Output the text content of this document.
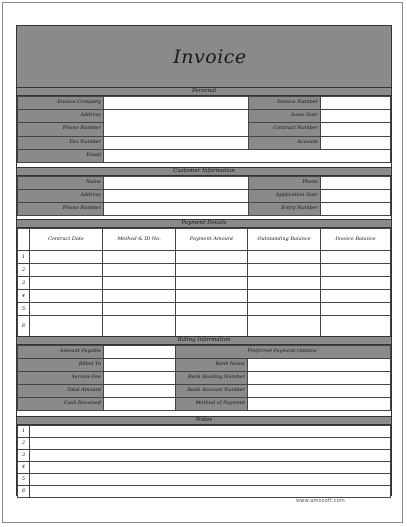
Invoice
Personal
Invoice Company	Invoice Number
Address	Issue Date
Phone Number	Contract Number
Fax Number	Account
Email
Customer Information
Name	Phone
Address	Application Date
Phone Number	Entry Number
Payment Details
Contract Date	Method & ID No.	Payment Amount	Outstanding Balance	Invoice Balance
1
2
3
4
5
6
Billing Information
Amount Payable	Preferred Payment Options
Billed To	Bank Name
Service Fee	Bank Routing Number
Total Amount	Bank Account Number
Cash Received	Method of Payment
Notes
1
2
3
4
5
6
www.amosoft.com
